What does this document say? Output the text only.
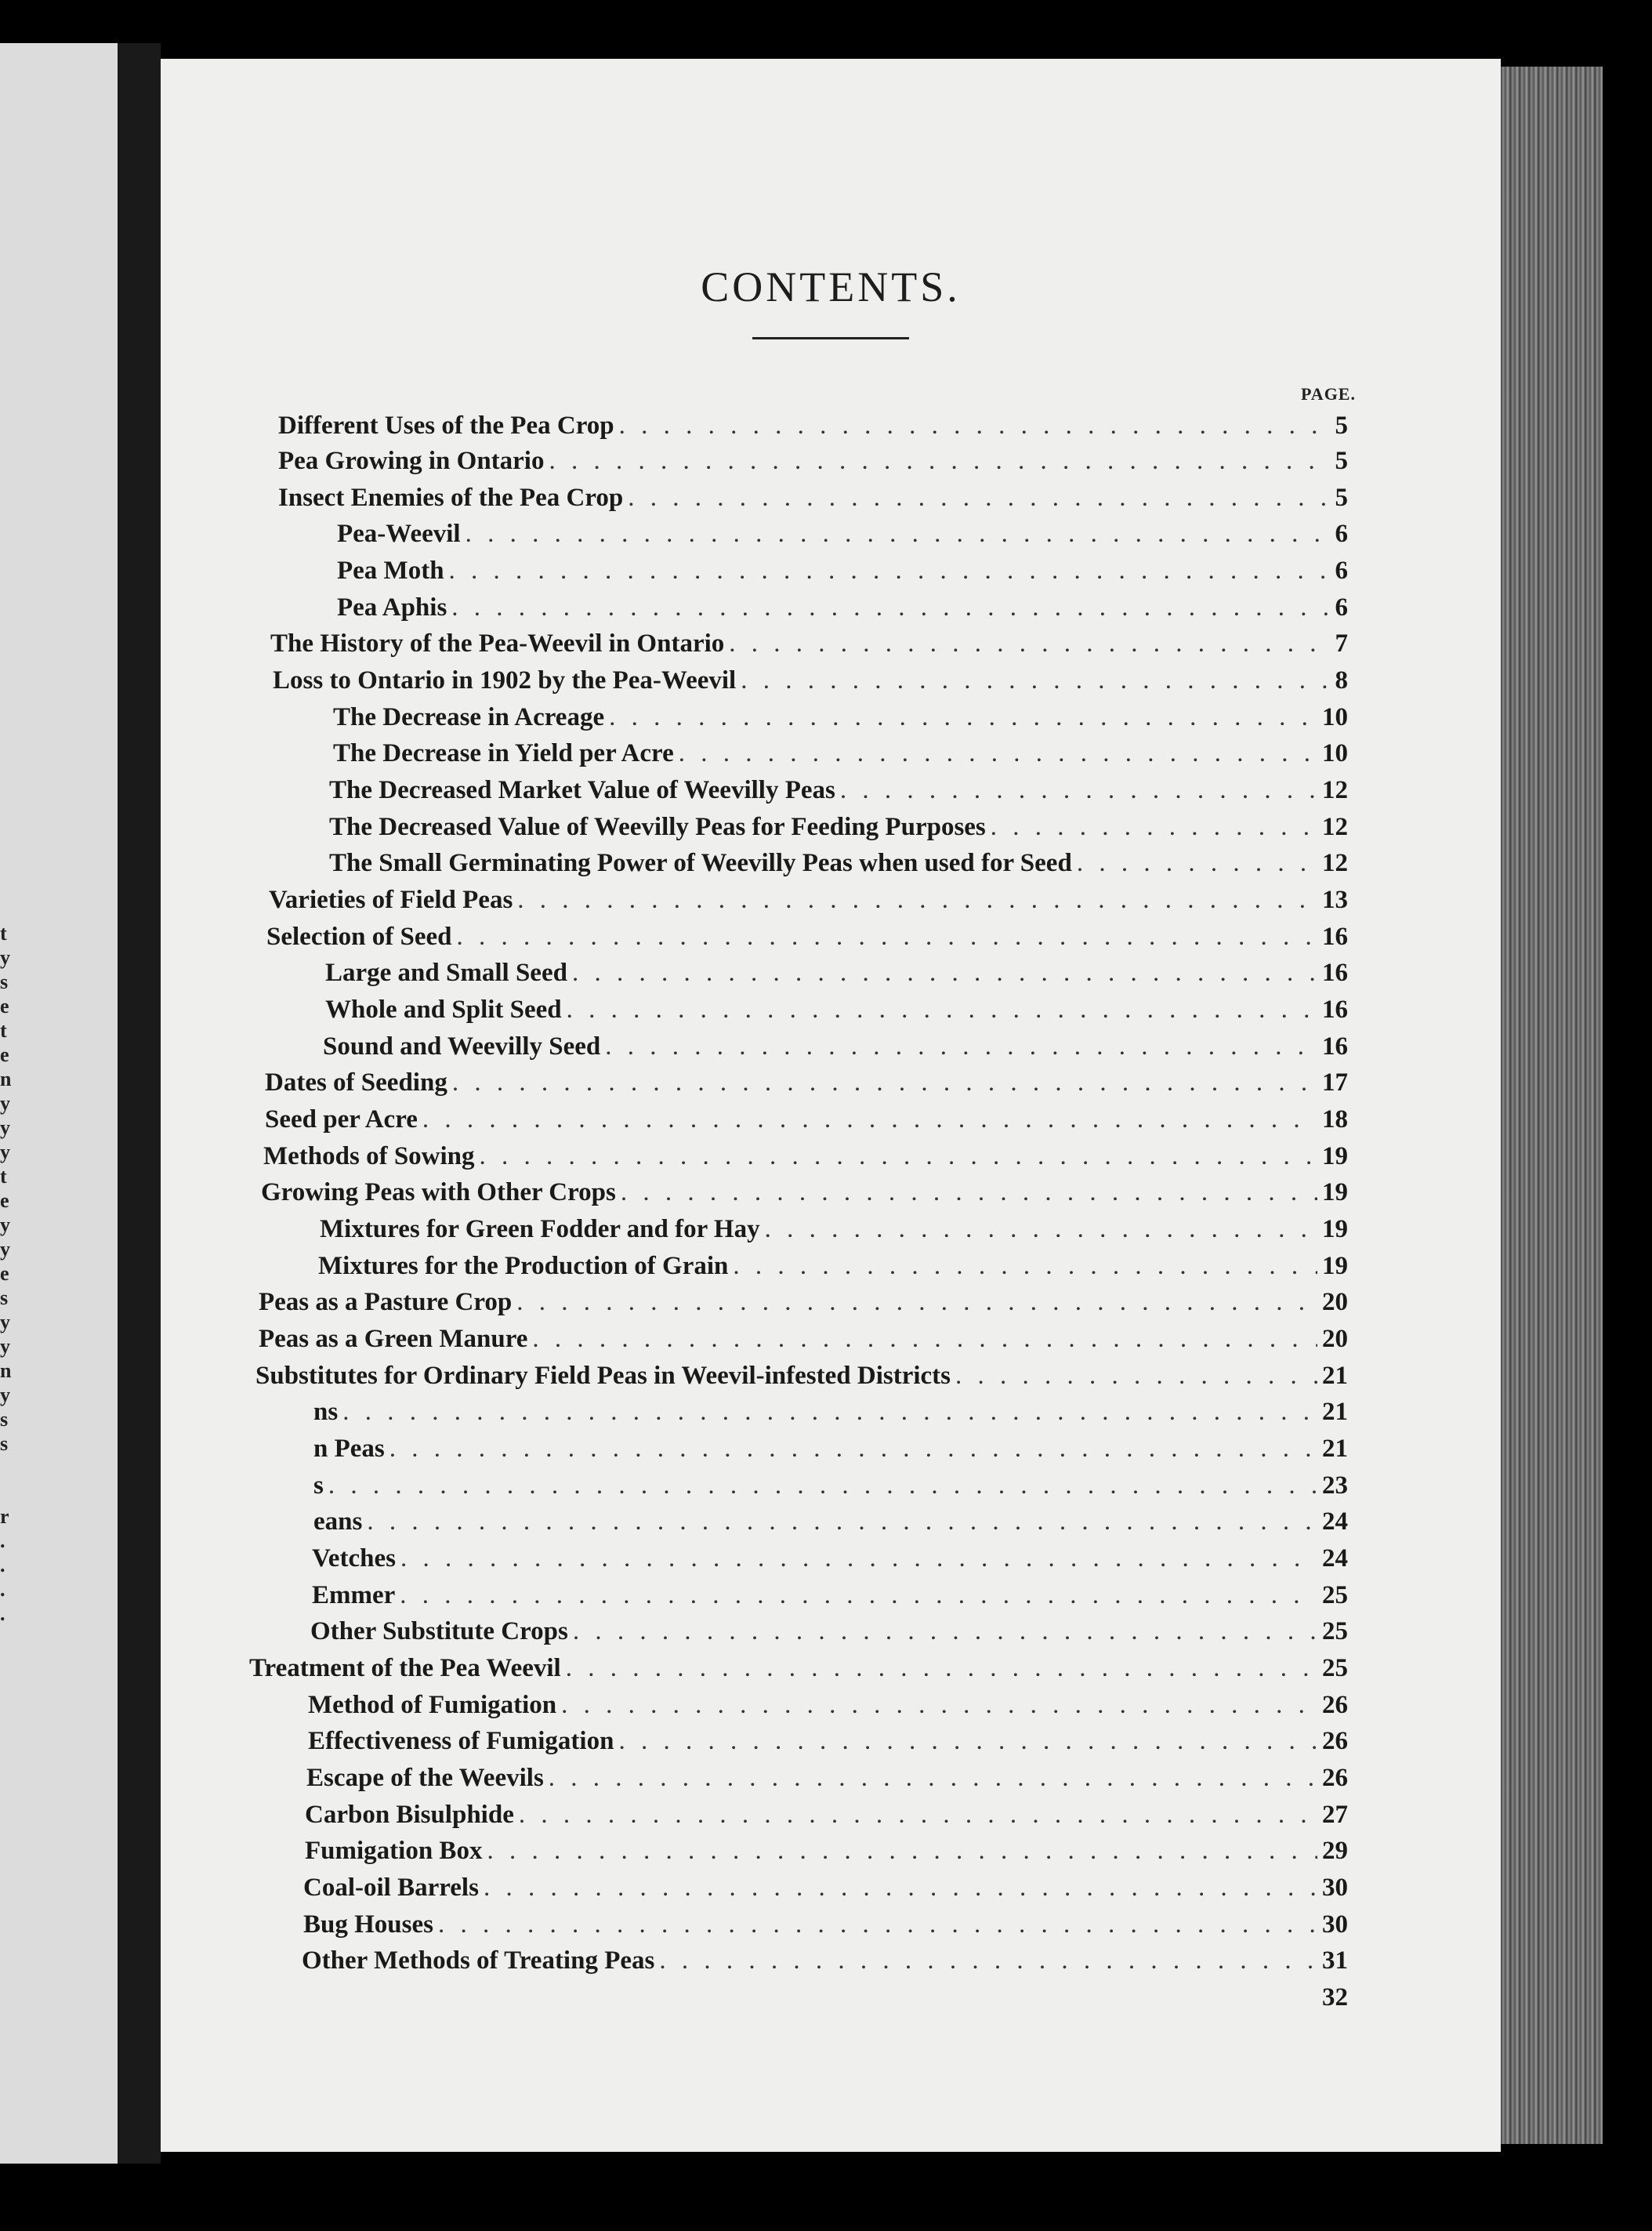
t
y
s
e
t
e
n
y
y
y
t
e
y
y
e
s
y
y
n
y
s
s

r
.
.
.
.
CONTENTS.
PAGE.
Different Uses of the Pea Crop . . .	5
Pea Growing in Ontario . . .	5
Insect Enemies of the Pea Crop . . .	5
Pea-Weevil . . .	6
Pea Moth . . .	6
Pea Aphis . . .	6
The History of the Pea-Weevil in Ontario . . .	7
Loss to Ontario in 1902 by the Pea-Weevil . . .	8
The Decrease in Acreage . . .	10
The Decrease in Yield per Acre . . .	10
The Decreased Market Value of Weevilly Peas . . .	12
The Decreased Value of Weevilly Peas for Feeding Purposes . . .	12
The Small Germinating Power of Weevilly Peas when used for Seed . . .	12
Varieties of Field Peas . . .	13
Selection of Seed . . .	16
Large and Small Seed . . .	16
Whole and Split Seed . . .	16
Sound and Weevilly Seed . . .	16
Dates of Seeding . . .	17
Seed per Acre . . .	18
Methods of Sowing . . .	19
Growing Peas with Other Crops . . .	19
Mixtures for Green Fodder and for Hay . . .	19
Mixtures for the Production of Grain . . .	19
Peas as a Pasture Crop . . .	20
Peas as a Green Manure . . .	20
Substitutes for Ordinary Field Peas in Weevil-infested Districts . . .	21
ns . . .	21
n Peas . . .	21
s . . .	23
eans . . .	24
Vetches . . .	24
Emmer . . .	25
Other Substitute Crops . . .	25
Treatment of the Pea Weevil . . .	25
Method of Fumigation . . .	26
Effectiveness of Fumigation . . .	26
Escape of the Weevils . . .	26
Carbon Bisulphide . . .	27
Fumigation Box . . .	29
Coal-oil Barrels . . .	30
Bug Houses . . .	30
Other Methods of Treating Peas . . .	31
32
